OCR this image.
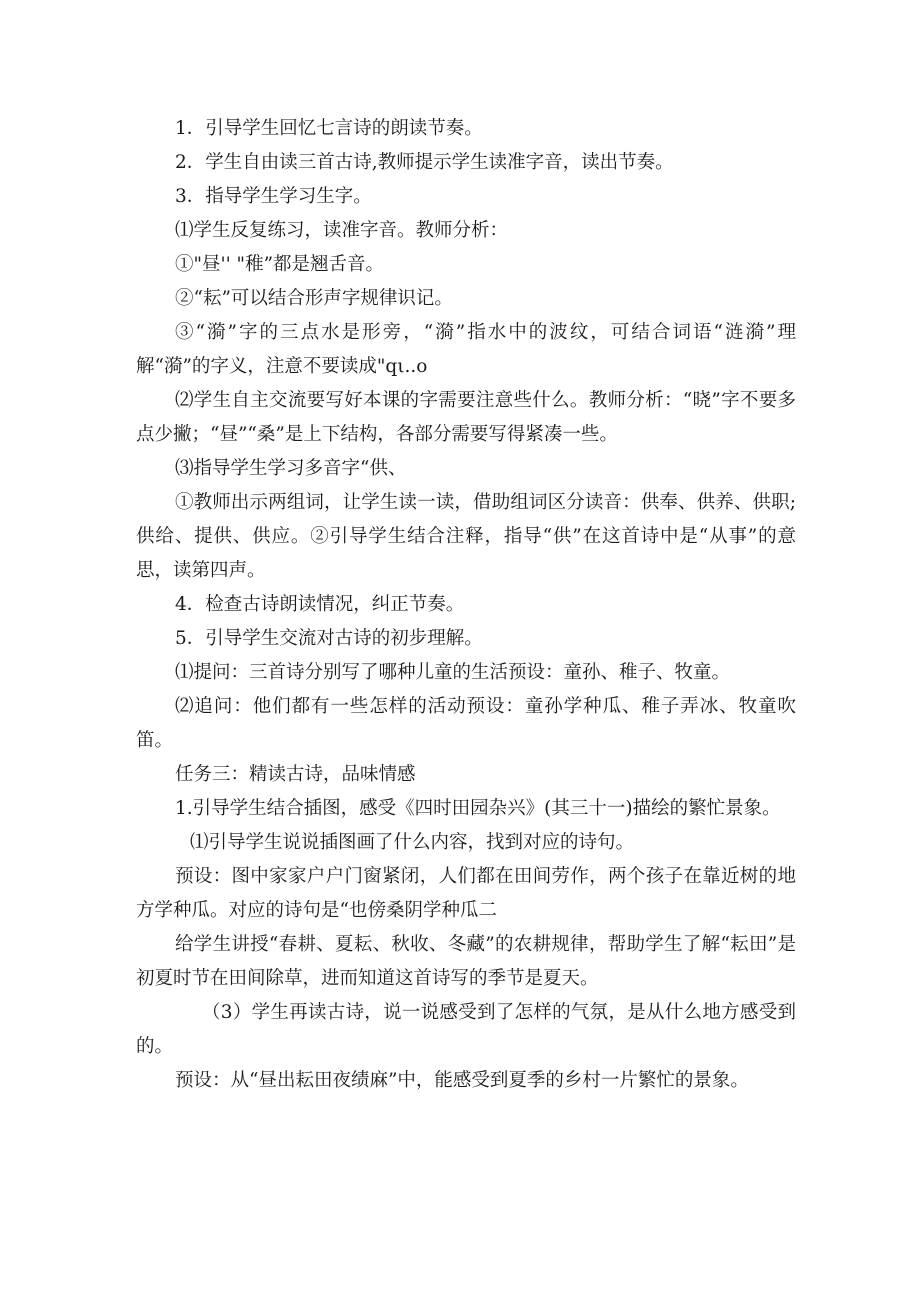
1．引导学生回忆七言诗的朗读节奏。

2．学生自由读三首古诗,教师提示学生读准字音，读出节奏。

3．指导学生学习生字。

⑴学生反复练习，读准字音。教师分析：

①"昼'' "稚”都是翘舌音。

②“耘”可以结合形声字规律识记。

③“漪”字的三点水是形旁，“漪”指水中的波纹，可结合词语“涟漪”理解“漪”的字义，注意不要读成"qι..o

⑵学生自主交流要写好本课的字需要注意些什么。教师分析：“晓”字不要多点少撇；“昼”“桑”是上下结构，各部分需要写得紧凑一些。

⑶指导学生学习多音字“供、

①教师出示两组词，让学生读一读，借助组词区分读音：供奉、供养、供职;供给、提供、供应。②引导学生结合注释，指导“供”在这首诗中是“从事”的意思，读第四声。

4．检查古诗朗读情况，纠正节奏。

5．引导学生交流对古诗的初步理解。

⑴提问：三首诗分别写了哪种儿童的生活预设：童孙、稚子、牧童。

⑵追问：他们都有一些怎样的活动预设：童孙学种瓜、稚子弄冰、牧童吹笛。

任务三：精读古诗，品味情感

1.引导学生结合插图，感受《四时田园杂兴》(其三十一)描绘的繁忙景象。

⑴引导学生说说插图画了什么内容，找到对应的诗句。

预设：图中家家户户门窗紧闭，人们都在田间劳作，两个孩子在靠近树的地方学种瓜。对应的诗句是“也傍桑阴学种瓜二

给学生讲授“春耕、夏耘、秋收、冬藏”的农耕规律，帮助学生了解“耘田”是初夏时节在田间除草，进而知道这首诗写的季节是夏天。

（3）学生再读古诗，说一说感受到了怎样的气氛，是从什么地方感受到的。

预设：从“昼出耘田夜绩麻”中，能感受到夏季的乡村一片繁忙的景象。
